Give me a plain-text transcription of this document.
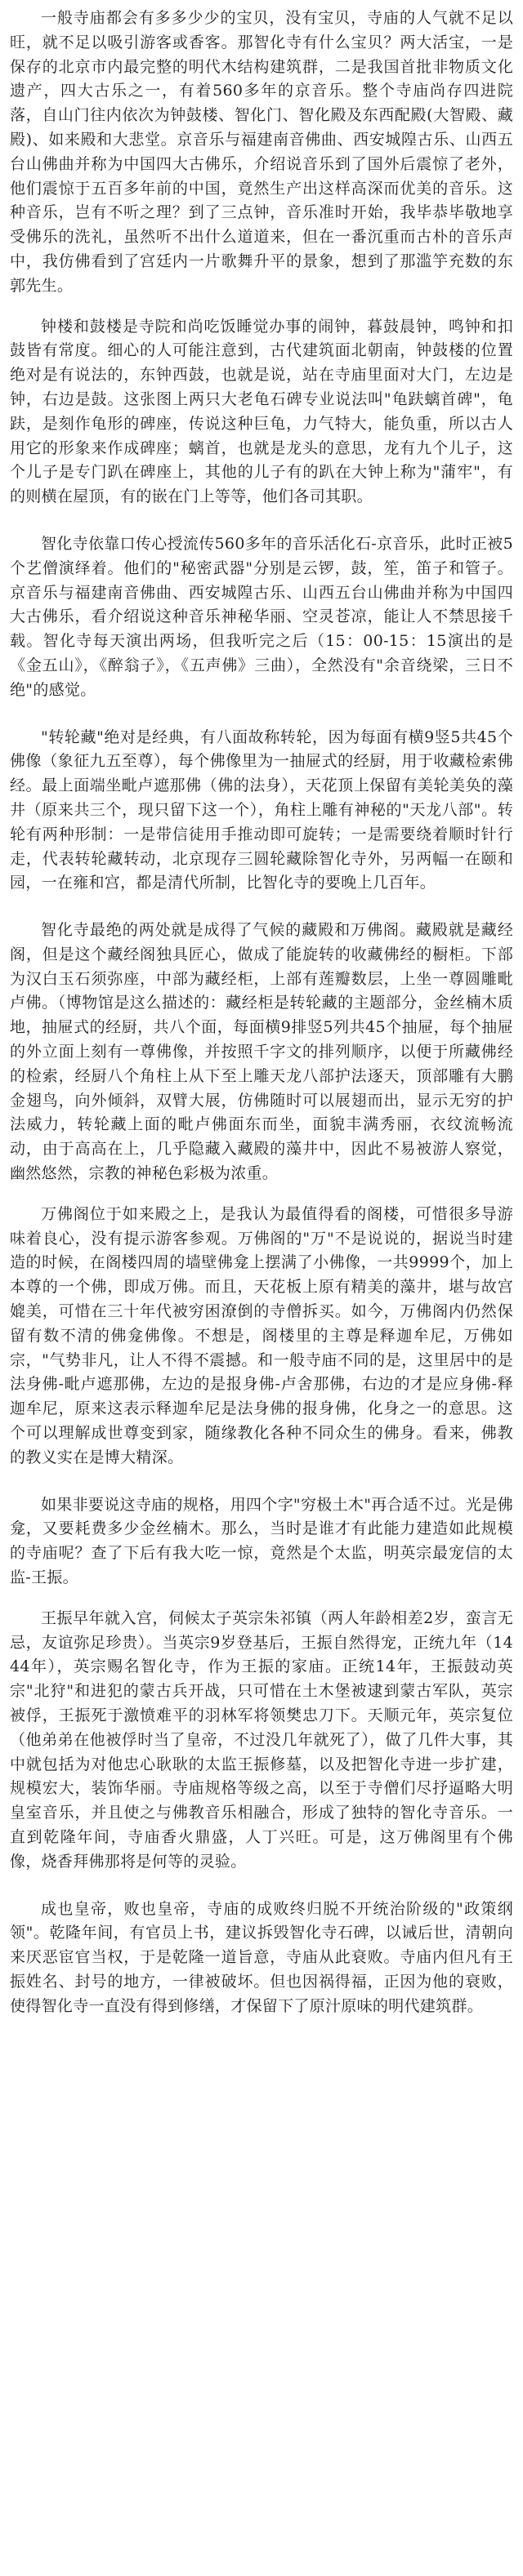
一般寺庙都会有多多少少的宝贝，没有宝贝，寺庙的人气就不足以旺，就不足以吸引游客或香客。那智化寺有什么宝贝？两大活宝，一是保存的北京市内最完整的明代木结构建筑群，二是我国首批非物质文化遗产，四大古乐之一，有着560多年的京音乐。整个寺庙尚存四进院落，自山门往内依次为钟鼓楼、智化门、智化殿及东西配殿(大智殿、藏殿)、如来殿和大悲堂。京音乐与福建南音佛曲、西安城隍古乐、山西五台山佛曲并称为中国四大古佛乐，介绍说音乐到了国外后震惊了老外，他们震惊于五百多年前的中国，竟然生产出这样高深而优美的音乐。这种音乐，岂有不听之理？到了三点钟，音乐准时开始，我毕恭毕敬地享受佛乐的洗礼，虽然听不出什么道道来，但在一番沉重而古朴的音乐声中，我仿佛看到了宫廷内一片歌舞升平的景象，想到了那滥竽充数的东郭先生。

钟楼和鼓楼是寺院和尚吃饭睡觉办事的闹钟，暮鼓晨钟，鸣钟和扣鼓皆有常度。细心的人可能注意到，古代建筑面北朝南，钟鼓楼的位置绝对是有说法的，东钟西鼓，也就是说，站在寺庙里面对大门，左边是钟，右边是鼓。这张图上两只大老龟石碑专业说法叫"龟趺螭首碑"，龟趺，是刻作龟形的碑座，传说这种巨龟，力气特大，能负重，所以古人用它的形象来作成碑座；螭首，也就是龙头的意思，龙有九个儿子，这个儿子是专门趴在碑座上，其他的儿子有的趴在大钟上称为"蒲牢"，有的则横在屋顶，有的嵌在门上等等，他们各司其职。

智化寺依靠口传心授流传560多年的音乐活化石-京音乐，此时正被5个艺僧演绎着。他们的"秘密武器"分别是云锣，鼓，笙，笛子和管子。京音乐与福建南音佛曲、西安城隍古乐、山西五台山佛曲并称为中国四大古佛乐，看介绍说这种音乐神秘华丽、空灵苍凉，能让人不禁思接千载。智化寺每天演出两场，但我听完之后（15：00-15：15演出的是《金五山》，《醉翁子》，《五声佛》三曲），全然没有"余音绕梁，三日不绝"的感觉。

"转轮藏"绝对是经典，有八面故称转轮，因为每面有横9竖5共45个佛像（象征九五至尊），每个佛像里为一抽屉式的经厨，用于收藏检索佛经。最上面端坐毗卢遮那佛（佛的法身），天花顶上保留有美轮美奂的藻井（原来共三个，现只留下这一个），角柱上雕有神秘的"天龙八部"。转轮有两种形制：一是带信徒用手推动即可旋转；一是需要绕着顺时针行走，代表转轮藏转动，北京现存三圆轮藏除智化寺外，另两幅一在颐和园，一在雍和宫，都是清代所制，比智化寺的要晚上几百年。

智化寺最绝的两处就是成得了气候的藏殿和万佛阁。藏殿就是藏经阁，但是这个藏经阁独具匠心，做成了能旋转的收藏佛经的橱柜。下部为汉白玉石须弥座，中部为藏经柜，上部有莲瓣数层，上坐一尊圆雕毗卢佛。（博物馆是这么描述的：藏经柜是转轮藏的主题部分，金丝楠木质地，抽屉式的经厨，共八个面，每面横9排竖5列共45个抽屉，每个抽屉的外立面上刻有一尊佛像，并按照千字文的排列顺序，以便于所藏佛经的检索，经厨八个角柱上从下至上雕天龙八部护法逐天，顶部雕有大鹏金翅鸟，向外倾斜，双臂大展，仿佛随时可以展翅而出，显示无穷的护法威力，转轮藏上面的毗卢佛面东而坐，面貌丰满秀丽，衣纹流畅流动，由于高高在上，几乎隐藏入藏殿的藻井中，因此不易被游人察觉，幽然悠然，宗教的神秘色彩极为浓重。

万佛阁位于如来殿之上，是我认为最值得看的阁楼，可惜很多导游味着良心，没有提示游客参观。万佛阁的"万"不是说说的，据说当时建造的时候，在阁楼四周的墙壁佛龛上摆满了小佛像，一共9999个，加上本尊的一个佛，即成万佛。而且，天花板上原有精美的藻井，堪与故宫媲美，可惜在三十年代被穷困潦倒的寺僧拆买。如今，万佛阁内仍然保留有数不清的佛龛佛像。不想是，阁楼里的主尊是释迦牟尼，万佛如宗，"气势非凡，让人不得不震撼。和一般寺庙不同的是，这里居中的是法身佛-毗卢遮那佛，左边的是报身佛-卢舍那佛，右边的才是应身佛-释迦牟尼，原来这表示释迦牟尼是法身佛的报身佛，化身之一的意思。这个可以理解成世尊变到家，随缘教化各种不同众生的佛身。看来，佛教的教义实在是博大精深。

如果非要说这寺庙的规格，用四个字"穷极土木"再合适不过。光是佛龛，又要耗费多少金丝楠木。那么，当时是谁才有此能力建造如此规模的寺庙呢？查了下后有我大吃一惊，竟然是个太监，明英宗最宠信的太监-王振。

王振早年就入宫，伺候太子英宗朱祁镇（两人年龄相差2岁，蛮言无忌，友谊弥足珍贵）。当英宗9岁登基后，王振自然得宠，正统九年（1444年），英宗赐名智化寺，作为王振的家庙。正统14年，王振鼓动英宗"北狩"和进犯的蒙古兵开战，只可惜在土木堡被逮到蒙古军队，英宗被俘，王振死于激愤难平的羽林军将领樊忠刀下。天顺元年，英宗复位（他弟弟在他被俘时当了皇帝，不过没几年就死了），做了几件大事，其中就包括为对他忠心耿耿的太监王振修墓，以及把智化寺进一步扩建，规模宏大，装饰华丽。寺庙规格等级之高，以至于寺僧们尽抒逼略大明皇室音乐，并且使之与佛教音乐相融合，形成了独特的智化寺音乐。一直到乾隆年间，寺庙香火鼎盛，人丁兴旺。可是，这万佛阁里有个佛像，烧香拜佛那将是何等的灵验。

成也皇帝，败也皇帝，寺庙的成败终归脱不开统治阶级的"政策纲领"。乾隆年间，有官员上书，建议拆毁智化寺石碑，以诫后世，清朝向来厌恶宦官当权，于是乾隆一道旨意，寺庙从此衰败。寺庙内但凡有王振姓名、封号的地方，一律被破坏。但也因祸得福，正因为他的衰败，使得智化寺一直没有得到修缮，才保留下了原汁原味的明代建筑群。
